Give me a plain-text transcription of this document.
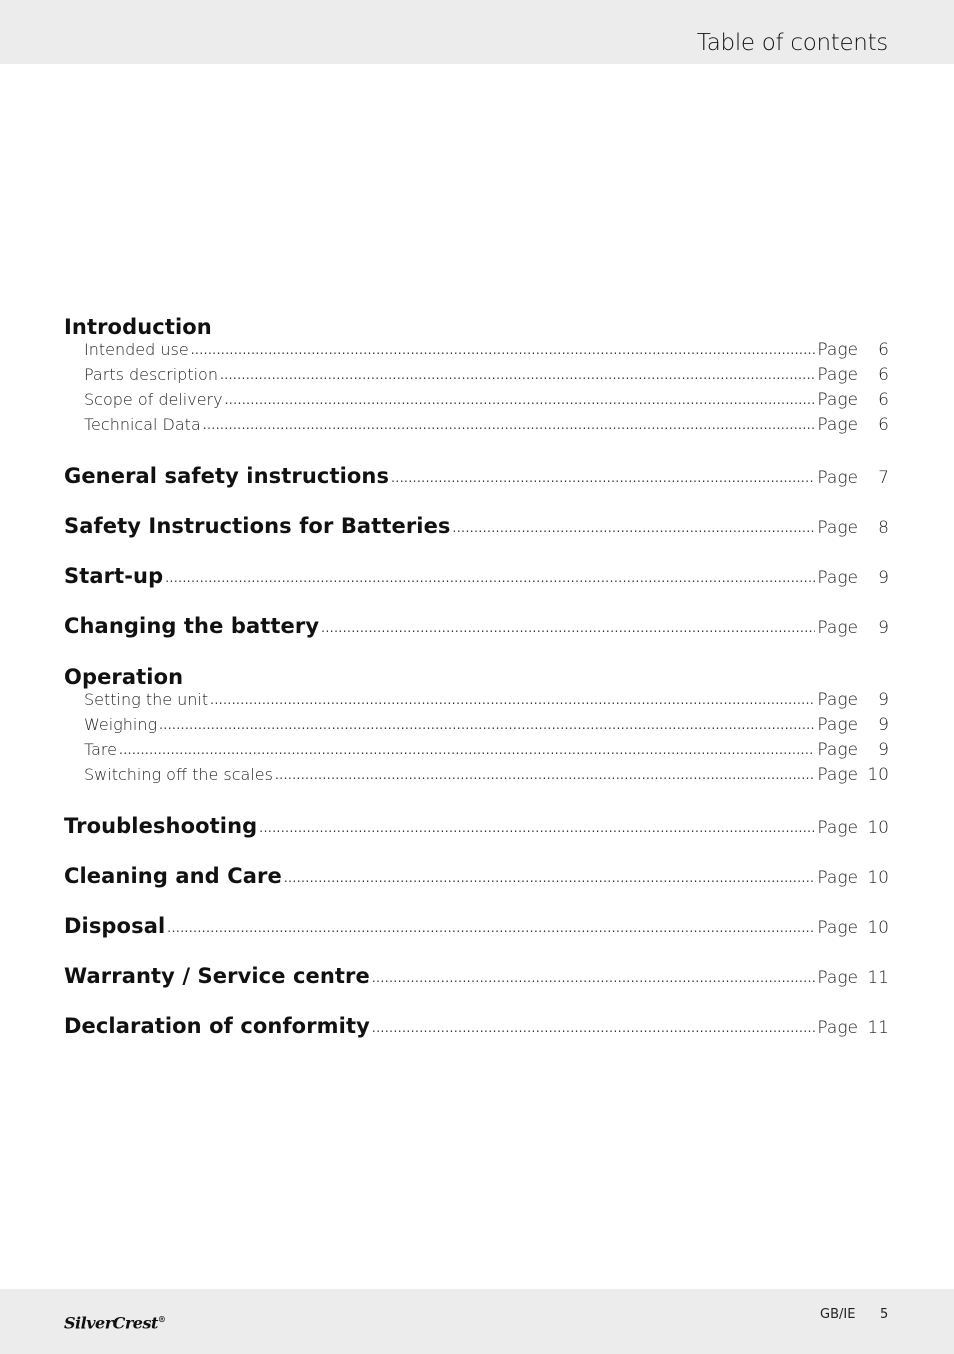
Table of contents
Introduction
Intended use .....	Page	6
Parts description .....	Page	6
Scope of delivery .....	Page	6
Technical Data .....	Page	6
General safety instructions .....	Page	7
Safety Instructions for Batteries .....	Page	8
Start-up .....	Page	9
Changing the battery .....	Page	9
Operation
Setting the unit .....	Page	9
Weighing .....	Page	9
Tare .....	Page	9
Switching off the scales .....	Page 10
Troubleshooting .....	Page 10
Cleaning and Care .....	Page 10
Disposal .....	Page 10
Warranty / Service centre .....	Page 11
Declaration of conformity .....	Page 11
SilverCrest®	GB/IE 5
